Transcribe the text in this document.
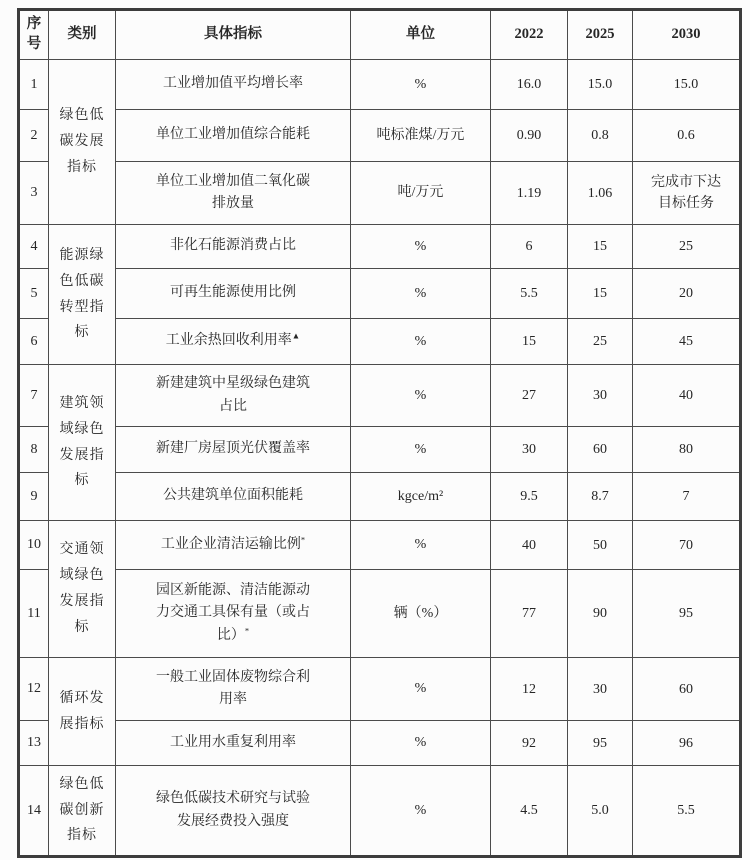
序号	类别	具体指标	单位	2022	2025	2030
1	绿色低碳发展指标	工业增加值平均增长率	%	16.0	15.0	15.0
2		单位工业增加值综合能耗	吨标准煤/万元	0.90	0.8	0.6
3		单位工业增加值二氧化碳排放量	吨/万元	1.19	1.06	完成市下达目标任务
4	能源绿色低碳转型指标	非化石能源消费占比	%	6	15	25
5		可再生能源使用比例	%	5.5	15	20
6		工业余热回收利用率▲	%	15	25	45
7	建筑领域绿色发展指标	新建建筑中星级绿色建筑占比	%	27	30	40
8		新建厂房屋顶光伏覆盖率	%	30	60	80
9		公共建筑单位面积能耗	kgce/m²	9.5	8.7	7
10	交通领域绿色发展指标	工业企业清洁运输比例*	%	40	50	70
11		园区新能源、清洁能源动力交通工具保有量（或占比）*	辆（%）	77	90	95
12	循环发展指标	一般工业固体废物综合利用率	%	12	30	60
13		工业用水重复利用率	%	92	95	96
14	绿色低碳创新指标	绿色低碳技术研究与试验发展经费投入强度	%	4.5	5.0	5.5
